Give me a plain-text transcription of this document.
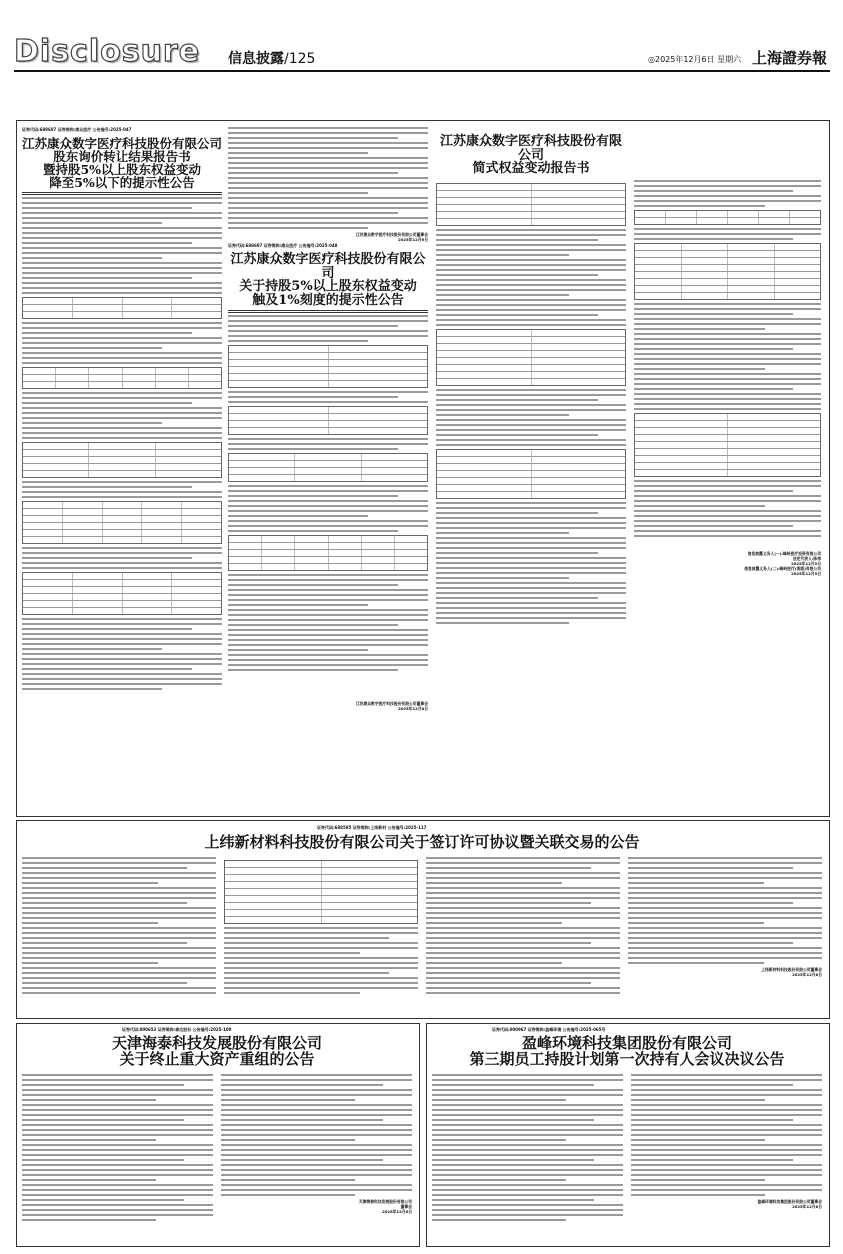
Disclosure 信息披露/125	◎2025年12月6日 星期六 上海證券報
证券代码:688607 证券简称:康众医疗 公告编号:2025-047
江苏康众数字医疗科技股份有限公司
股东询价转让结果报告书
暨持股5%以上股东权益变动
降至5%以下的提示性公告
江苏康众数字医疗科技股份有限公司董事会
2025年12月6日
证券代码:688607 证券简称:康众医疗 公告编号:2025-048
江苏康众数字医疗科技股份有限公司
关于持股5%以上股东权益变动
触及1%刻度的提示性公告
江苏康众数字医疗科技股份有限公司董事会
2025年12月6日
江苏康众数字医疗科技股份有限公司
简式权益变动报告书
信息披露义务人(一):峰岭医疗投资有限公司
法定代表人:陈伟
2025年12月5日
信息披露义务人(二):峰岭医疗(香港)有限公司
2025年12月5日
证券代码:688585 证券简称:上纬新材 公告编号:2025-117
上纬新材料科技股份有限公司关于签订许可协议暨关联交易的公告
上纬新材料科技股份有限公司董事会
2025年12月6日
证券代码:000652 证券简称:泰达股份 公告编号:2025-100
天津海泰科技发展股份有限公司
关于终止重大资产重组的公告
天津海泰科技发展股份有限公司
董事会
2025年12月6日
证券代码:000967 证券简称:盈峰环境 公告编号:2025-065号
盈峰环境科技集团股份有限公司
第三期员工持股计划第一次持有人会议决议公告
盈峰环境科技集团股份有限公司董事会
2025年12月6日
